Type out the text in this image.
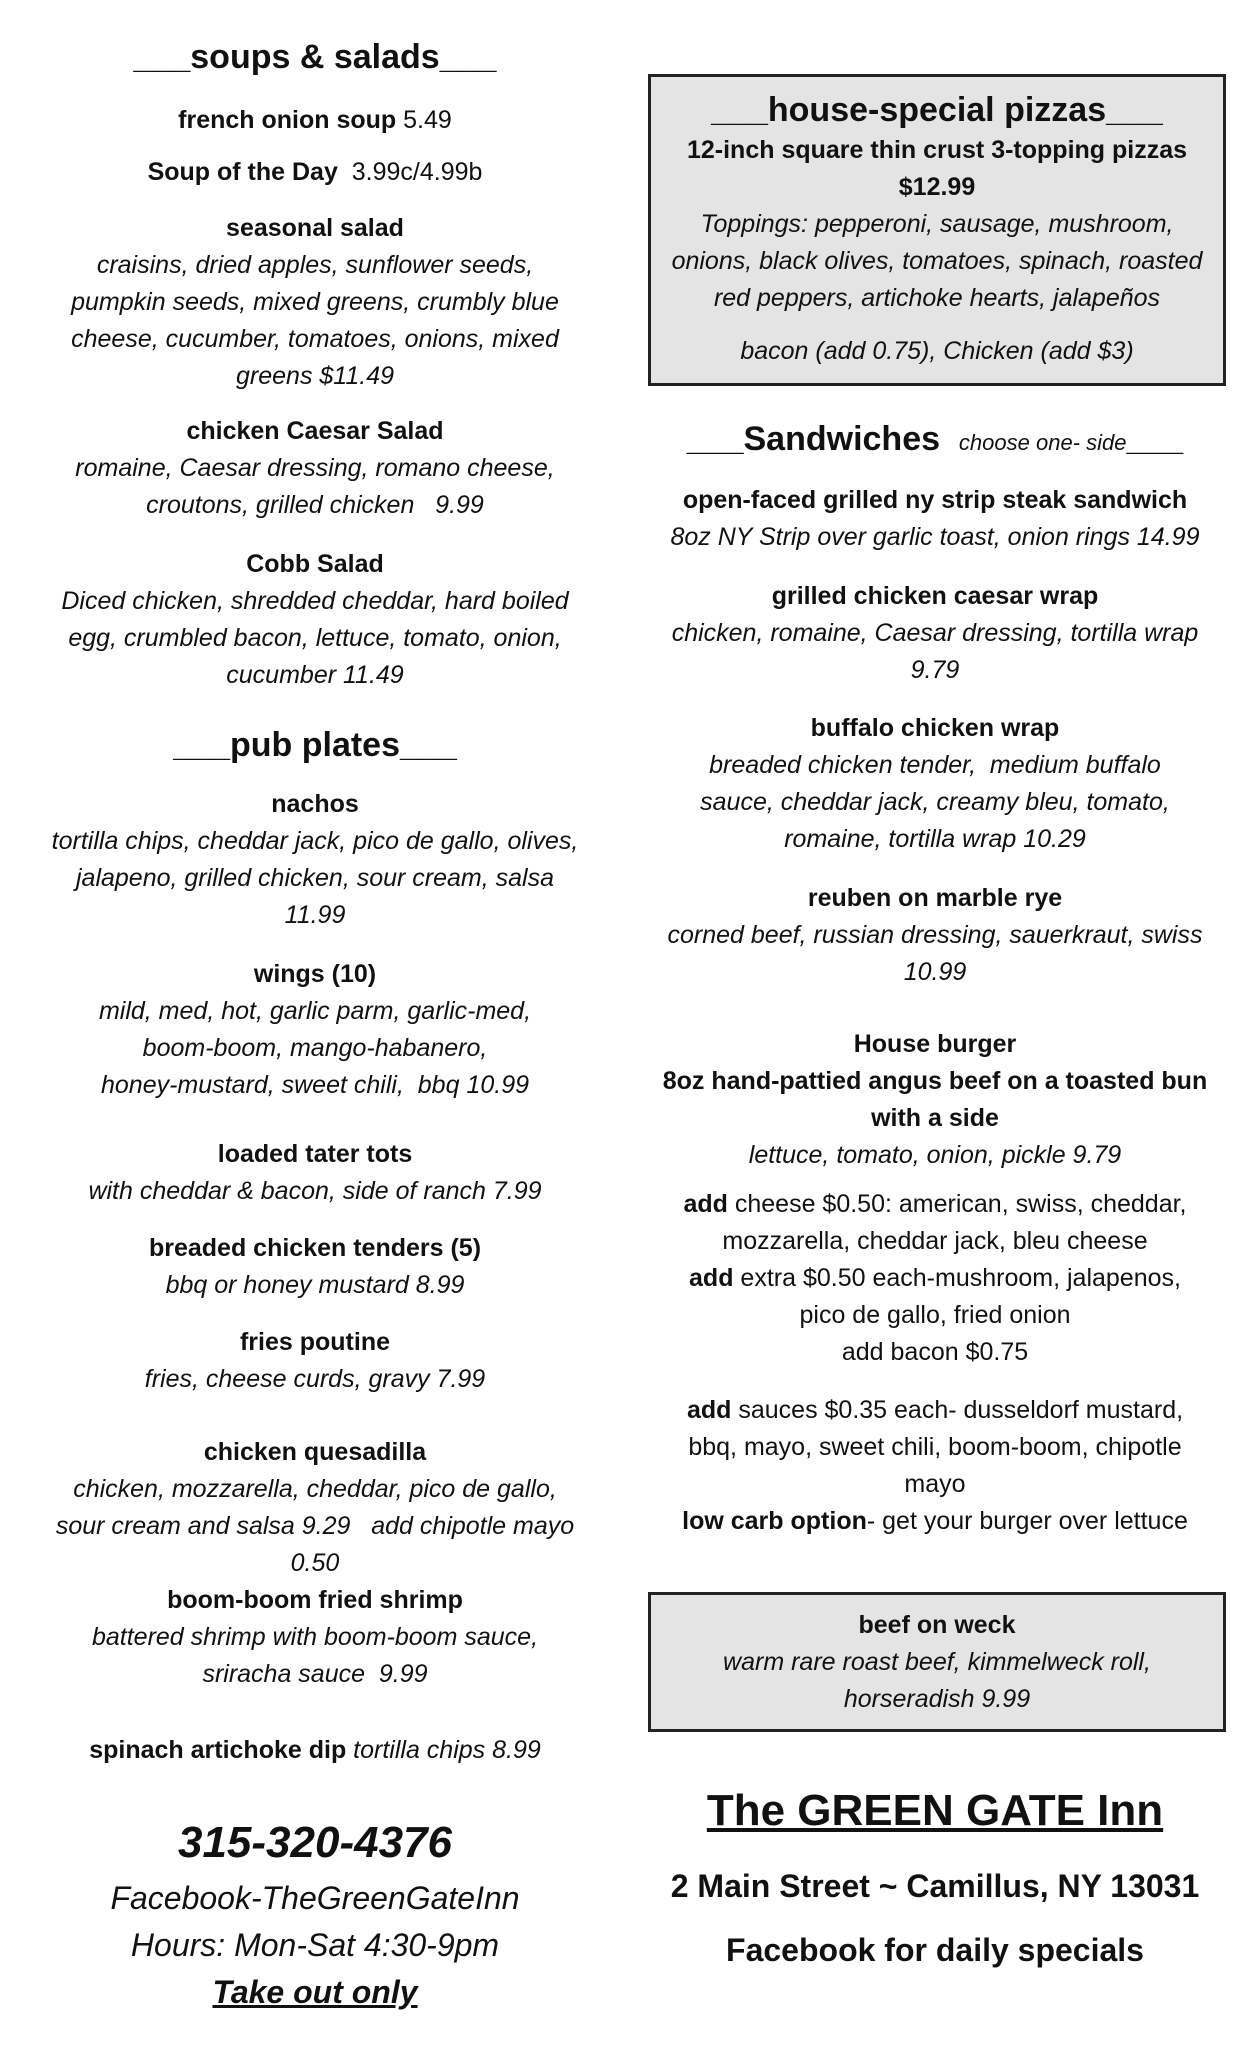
___soups & salads___
french onion soup 5.49
Soup of the Day 3.99c/4.99b
seasonal salad
craisins, dried apples, sunflower seeds,
pumpkin seeds, mixed greens, crumbly blue
cheese, cucumber, tomatoes, onions, mixed
greens $11.49
chicken Caesar Salad
romaine, Caesar dressing, romano cheese,
croutons, grilled chicken   9.99
Cobb Salad
Diced chicken, shredded cheddar, hard boiled
egg, crumbled bacon, lettuce, tomato, onion,
cucumber 11.49
___pub plates___
nachos
tortilla chips, cheddar jack, pico de gallo, olives,
jalapeno, grilled chicken, sour cream, salsa
11.99
wings (10)
mild, med, hot, garlic parm, garlic-med,
boom-boom, mango-habanero,
honey-mustard, sweet chili,  bbq 10.99
loaded tater tots
with cheddar & bacon, side of ranch 7.99
breaded chicken tenders (5)
bbq or honey mustard 8.99
fries poutine
fries, cheese curds, gravy 7.99
chicken quesadilla
chicken, mozzarella, cheddar, pico de gallo,
sour cream and salsa 9.29   add chipotle mayo
0.50
boom-boom fried shrimp
battered shrimp with boom-boom sauce,
sriracha sauce  9.99
spinach artichoke dip tortilla chips 8.99
315-320-4376
Facebook-TheGreenGateInn
Hours: Mon-Sat 4:30-9pm
Take out only
___house-special pizzas___
12-inch square thin crust 3-topping pizzas
$12.99
Toppings: pepperoni, sausage, mushroom,
onions, black olives, tomatoes, spinach, roasted
red peppers, artichoke hearts, jalapeños
bacon (add 0.75), Chicken (add $3)
___Sandwiches choose one- side___
open-faced grilled ny strip steak sandwich
8oz NY Strip over garlic toast, onion rings 14.99
grilled chicken caesar wrap
chicken, romaine, Caesar dressing, tortilla wrap
9.79
buffalo chicken wrap
breaded chicken tender,  medium buffalo
sauce, cheddar jack, creamy bleu, tomato,
romaine, tortilla wrap 10.29
reuben on marble rye
corned beef, russian dressing, sauerkraut, swiss
10.99
House burger
8oz hand-pattied angus beef on a toasted bun
with a side
lettuce, tomato, onion, pickle 9.79
add cheese $0.50: american, swiss, cheddar,
mozzarella, cheddar jack, bleu cheese
add extra $0.50 each-mushroom, jalapenos,
pico de gallo, fried onion
add bacon $0.75
add sauces $0.35 each- dusseldorf mustard,
bbq, mayo, sweet chili, boom-boom, chipotle
mayo
low carb option- get your burger over lettuce
beef on weck
warm rare roast beef, kimmelweck roll,
horseradish 9.99
The GREEN GATE Inn
2 Main Street ~ Camillus, NY 13031
Facebook for daily specials
